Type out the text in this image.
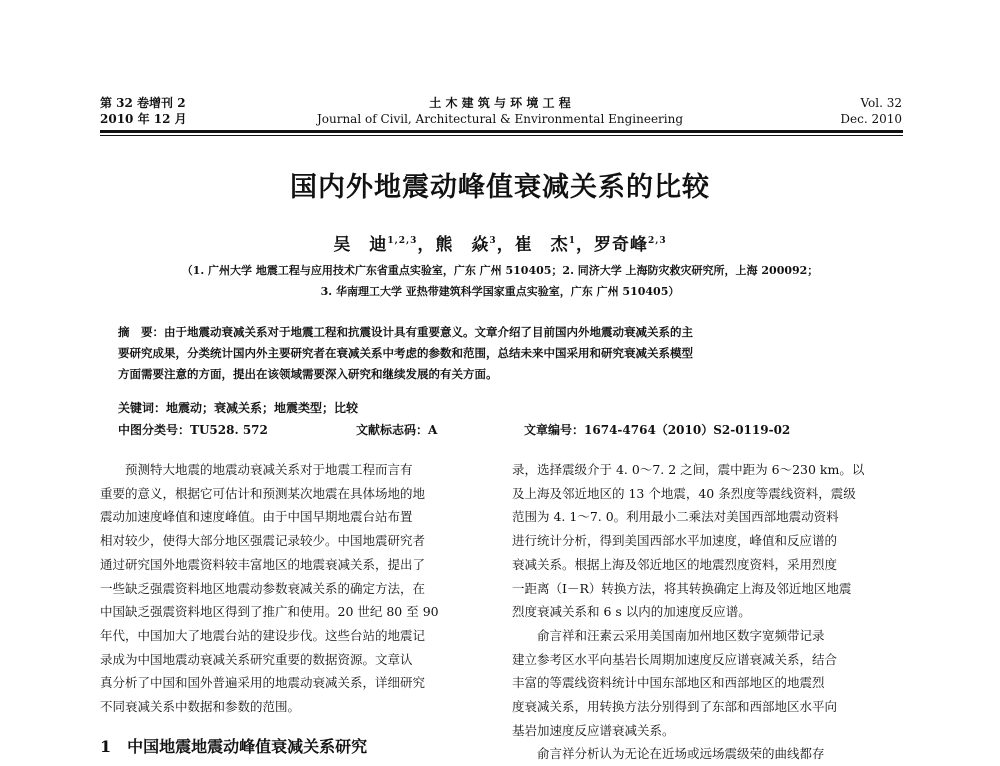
第 32 卷增刊 2
2010 年 12 月
土 木 建 筑 与 环 境 工 程
Journal of Civil, Architectural & Environmental Engineering
Vol. 32
Dec. 2010
国内外地震动峰值衰减关系的比较
吴　迪$^{1,2,3}$，熊　焱$^3$，崔　杰$^1$，罗奇峰$^{2,3}$
（1. 广州大学 地震工程与应用技术广东省重点实验室，广东 广州 510405；2. 同济大学 上海防灾救灾研究所，上海 200092；
3. 华南理工大学 亚热带建筑科学国家重点实验室，广东 广州 510405）
摘　要：由于地震动衰减关系对于地震工程和抗震设计具有重要意义。文章介绍了目前国内外地震动衰减关系的主
要研究成果，分类统计国内外主要研究者在衰减关系中考虑的参数和范围，总结未来中国采用和研究衰减关系模型
方面需要注意的方面，提出在该领域需要深入研究和继续发展的有关方面。
关键词：地震动；衰减关系；地震类型；比较
中图分类号：TU528. 572	文献标志码：A	文章编号：1674-4764（2010）S2-0119-02

　　预测特大地震的地震动衰减关系对于地震工程而言有

重要的意义，根据它可估计和预测某次地震在具体场地的地

震动加速度峰值和速度峰值。由于中国早期地震台站布置

相对较少，使得大部分地区强震记录较少。中国地震研究者

通过研究国外地震资料较丰富地区的地震衰减关系，提出了

一些缺乏强震资料地区地震动参数衰减关系的确定方法，在

中国缺乏强震资料地区得到了推广和使用。20 世纪 80 至 90

年代，中国加大了地震台站的建设步伐。这些台站的地震记

录成为中国地震动衰减关系研究重要的数据资源。文章认

真分析了中国和国外普遍采用的地震动衰减关系，详细研究

不同衰减关系中数据和参数的范围。

1 中国地震地震动峰值衰减关系研究

录，选择震级介于 4. 0～7. 2 之间，震中距为 6～230 km。以

及上海及邻近地区的 13 个地震，40 条烈度等震线资料，震级

范围为 4. 1～7. 0。利用最小二乘法对美国西部地震动资料

进行统计分析，得到美国西部水平加速度，峰值和反应谱的

衰减关系。根据上海及邻近地区的地震烈度资料，采用烈度

一距离（I－R）转换方法，将其转换确定上海及邻近地区地震

烈度衰减关系和 6 s 以内的加速度反应谱。

　　俞言祥和汪素云采用美国南加州地区数字宽频带记录

建立参考区水平向基岩长周期加速度反应谱衰减关系，结合

丰富的等震线资料统计中国东部地区和西部地区的地震烈

度衰减关系，用转换方法分别得到了东部和西部地区水平向

基岩加速度反应谱衰减关系。

　　俞言祥分析认为无论在近场或远场震级荣的曲线都存
